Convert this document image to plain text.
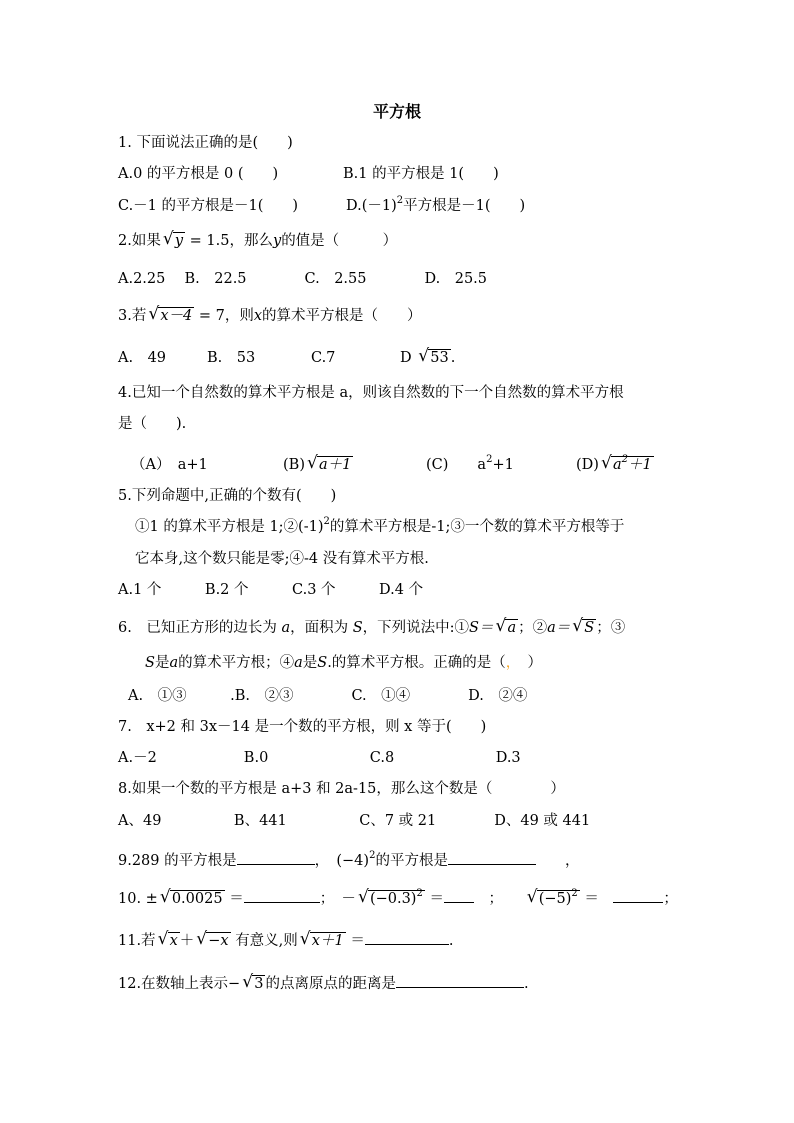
平方根
1. 下面说法正确的是(　　)
A.0 的平方根是 0 (　　)	B.1 的平方根是 1(　　)
C.－1 的平方根是－1(　　)	$D.(-1)^2$平方根是－1(　　)
2.如果 √ y = 1.5，那么y的值是（　　　）
A.2.25　 B.　22.5　　　　C.　2.55　　　　D.　25.5
3.若 √ x－4 = 7，则x的算术平方根是（　　）
A.　49	B.　53	C.7	D √ 53 .
4.已知一个自然数的算术平方根是 a，则该自然数的下一个自然数的算术平方根
是（　　).
（A）　a+1	(B) √ a＋1	(C)　　$a^2+1$	(D) √ $a^2+1$
5.下列命题中,正确的个数有(　　)
①1 的算术平方根是 $1;②(-1)^2$的算术平方根是-1;③一个数的算术平方根等于
它本身,这个数只能是零;④-4 没有算术平方根.
A.1 个　　　B.2 个　　　C.3 个　　　D.4 个
6.　已知正方形的边长为 a，面积为 S，下列说法中:①S＝ √ a ；②a＝ √ S ；③
S是a的算术平方根；④a是S.的算术平方根。正确的是（，　）
A.　①③　　　.B.　②③　　　　C.　①④　　　　D.　②④
7.　x+2 和 3x－14 是一个数的平方根，则 x 等于(　　)
A.－2　　　　　　B.0　　　　　　　C.8　　　　　　　D.3
8.如果一个数的平方根是 a+3 和 2a-15，那么这个数是（　　　　）
A、49　　　　　B、441　　　　　C、7 或 21　　　　D、49 或 441
9.289 的平方根是	，　$(-4)^2$的平方根是　　	，
10. ± √ 0.0025 ＝	；　－ √ $(-0.3)^2$ ＝　	；　　 √ $(-5)^2$ ＝　	；
11.若 √ x ＋ √ −x 有意义,则 √ x＋1 ＝	.
12.在数轴上表示− √ 3 的点离原点的距离是	.
